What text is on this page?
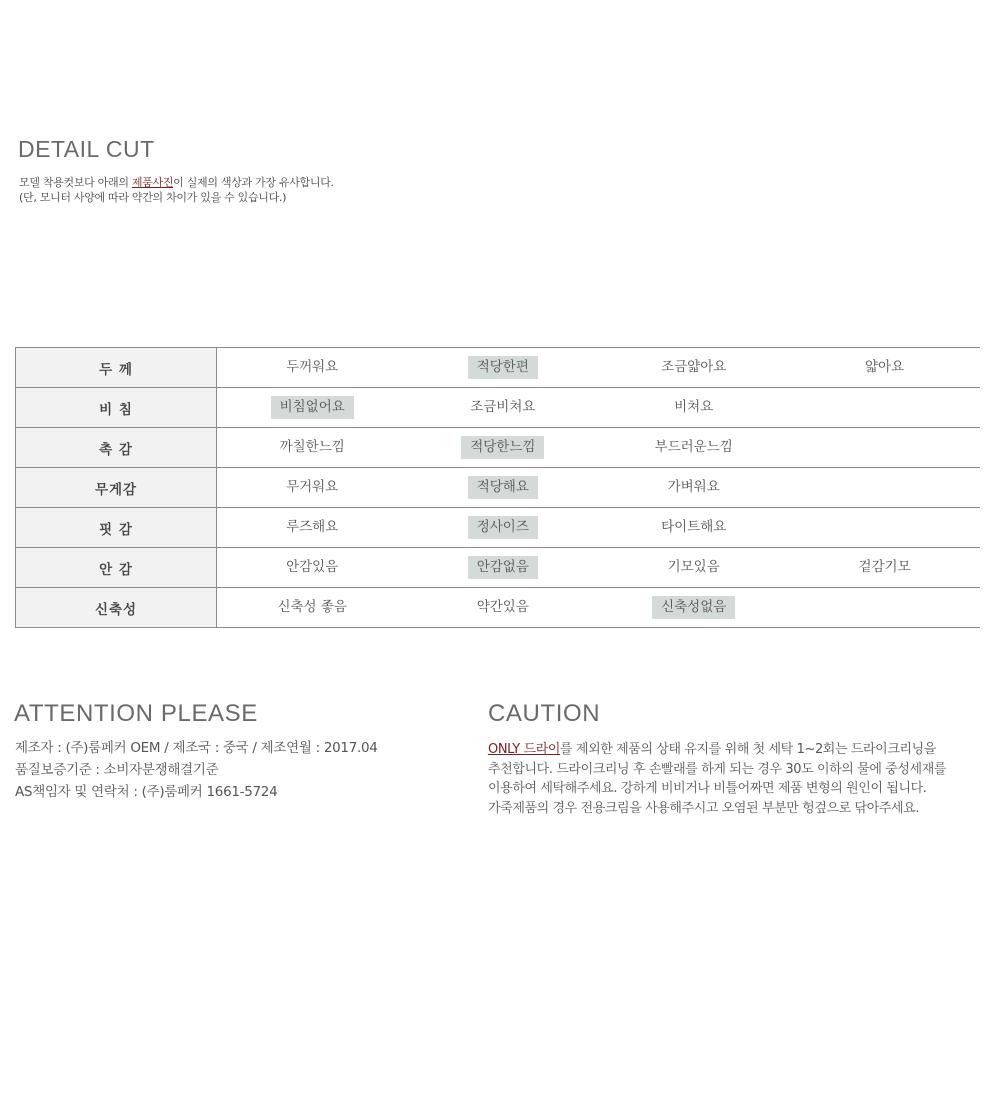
DETAIL CUT
모델 착용컷보다 아래의 제품사진이 실제의 색상과 가장 유사합니다.
(단, 모니터 사양에 따라 약간의 차이가 있을 수 있습니다.)
두 께	두꺼워요	적당한편	조금얇아요	얇아요
비 침	비침없어요	조금비쳐요	비쳐요	
촉 감	까칠한느낌	적당한느낌	부드러운느낌	
무게감	무거워요	적당해요	가벼워요	
핏 감	루즈해요	정사이즈	타이트해요	
안 감	안감있음	안감없음	기모있음	겉감기모
신축성	신축성 좋음	약간있음	신축성없음	
ATTENTION PLEASE
제조자 : (주)룸페커 OEM / 제조국 : 중국 / 제조연월 : 2017.04
품질보증기준 : 소비자분쟁해결기준
AS책임자 및 연락처 : (주)룸페커 1661-5724
CAUTION
ONLY 드라이를 제외한 제품의 상태 유지를 위해 첫 세탁 1~2회는 드라이크리닝을
추천합니다. 드라이크리닝 후 손빨래를 하게 되는 경우 30도 이하의 물에 중성세재를
이용하여 세탁해주세요. 강하게 비비거나 비틀어짜면 제품 변형의 원인이 됩니다.
가죽제품의 경우 전용크림을 사용해주시고 오염된 부분만 헝겊으로 닦아주세요.
